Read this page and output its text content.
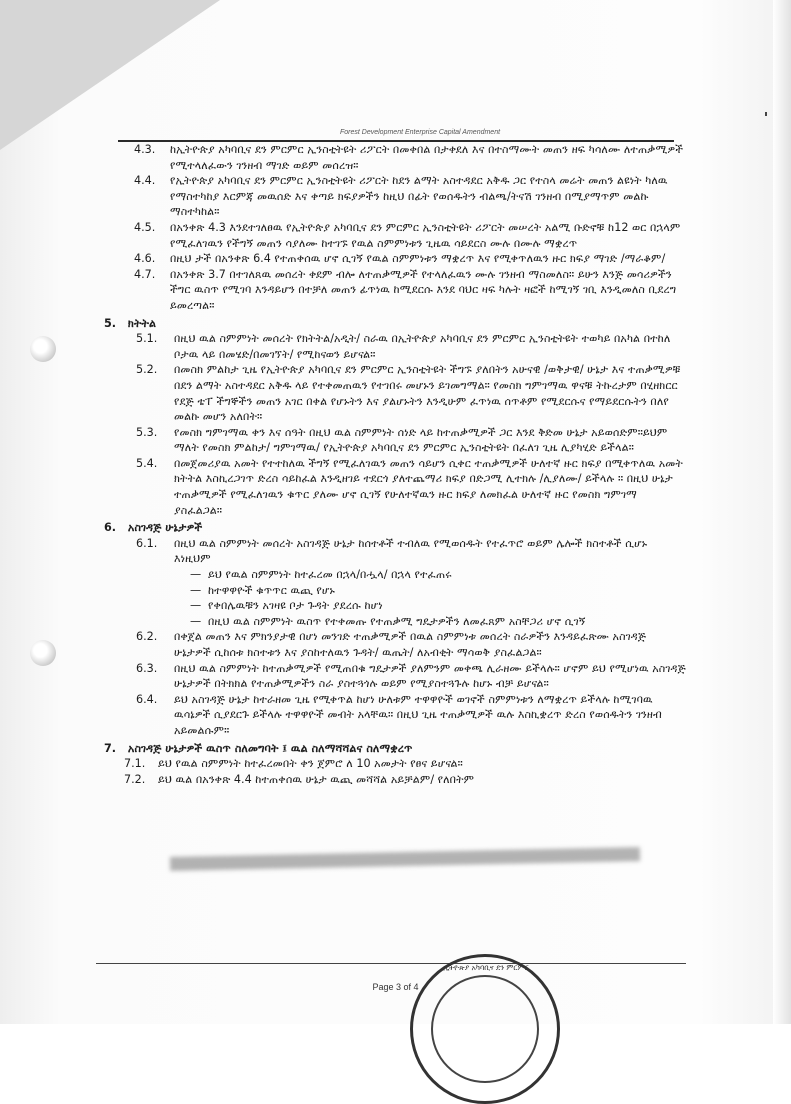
Forest Development Enterprise Capital Amendment
4.3. ከኢትዮጵያ አካባቢና ደን ምርምር ኢንስቲትዩት ሪፖርት በመቀበል በታቀደለ እና በተስማሙት መጠን ዘፍ ካሳለሙ ለተጠቃሚዎች የሚተላለፈውን ገንዘብ ማገድ ወይም መሰረዝ።
4.4. የኢትዮጵያ አካባቢና ደን ምርምር ኢንስቲትዩት ሪፖርት ከደን ልማት አስተዳደር አቅዱ ጋር የተስላ መሬት መጠን ልዩነት ካለዉ የማስተካከያ እርምጃ መዉሰድ እና ቀጣይ ክፍያዎችን ከዚህ በፊት የወሰዱትን ብልጫ/ትናሽ ገንዘብ በሚያማጥም መልኩ ማስተካከል።
4.5. በአንቀጽ 4.3 እንደተገለፀዉ የኢትዮጵያ አካባቢና ደን ምርምር ኢንስቲትዩት ሪፖርት መሠረት አልሚ ቡድኖቹ ከ12 ወር በኋላም የሚፈለገዉን የችግኝ መጠን ሳያለሙ ከተገኙ የዉል ስምምነቱን ጊዜዉ ሳይደርስ ሙሉ በሙሉ ማቋረጥ
4.6. በዚህ ታች በአንቀጽ 6.4 የተጠቀሰዉ ሆኖ ሲገኝ የዉል ስምምነቱን ማቋረጥ እና የሚቀጥለዉን ዙር ክፍያ ማገድ /ማራቆም/
4.7. በአንቀጽ 3.7 በተገለጸዉ መሰረት ቀደም ብሎ ለተጠቃሚዎች የተላለፈዉን ሙሉ ገንዘብ ማስመለስ። ይሁን እንጅ መሳሪዎችን ችግር ዉስጥ የሚገባ እንዳይሆን በተቻለ መጠን ፊጥነዉ ከሚደርሱ እንደ ባህር ዛፍ ካሉት ዛፎች ከሚገኝ ገቢ እንዲመለስ ቢደረግ ይመረጣል።
5. ክትትል
5.1. በዚህ ዉል ስምምነት መሰረት የክትትል/አዲት/ ስራዉ በኢትዮጵያ አካባቢና ደን ምርምር ኢንስቲትዩት ተወካይ በአካል በተከለ ቦታዉ ላይ በመሄድ/በመገኘት/ የሚከናወን ይሆናል።
5.2. በመስክ ምልከታ ጊዜ የኢትዮጵያ አካባቢና ደን ምርምር ኢንስቲትዩት ችግኙ ያለበትን አሁናዊ /ወቅታዊ/ ሁኔታ እና ተጠቃሚዎቹ በደን ልማት አስተዳደር አቅዱ ላይ የተቀመጠዉን የተገበሩ መሆኑን ይገመግማል። የመስክ ግምገማዉ ዋናቹ ትኩረታም በሂዘክርር የደጅ ቴፐ ችግኞችን መጠን አገር በቀል የሆኑትን እና ያልሆኑትን እንዲሁም ፈጥነዉ ሰጥቶም የሚደርሱና የማይደርሱትን በለየ መልኩ መሆን አለበት።
5.3. የመስክ ግምገማዉ ቀን እና ሰዓት በዚህ ዉል ስምምነት ሰነድ ላይ ከተጠቃሚዎች ጋር እንደ ቅድመ ሁኔታ አይወሰድም።ይህም ማለት የመስክ ምልከታ/ ግምገማዉ/ የኢትዮጵያ አካባቢና ደን ምርምር ኢንስቲትዩት በፈለገ ጊዜ ሊያካሂድ ይችላል።
5.4. በመጀመሪያዉ አመት የተተከለዉ ችግኝ የሚፈለገዉን መጠን ሳይሆን ሲቀር ተጠቃሚዎች ሁለተኛ ዙር ክፍያ በሚቀጥለዉ አመት ክትትል እስኪረጋገጥ ድረስ ሳይከፈል እንዲዘገይ ተደርጎ ያለተጨማሪ ክፍያ በድጋሚ ሊተክሉ /ሊያለሙ/ ይችላሉ ። በዚህ ሁኔታ ተጠቃሚዎች የሚፈለገዉን ቁጥር ያለሙ ሆኖ ሲገኝ የሁለተኛዉን ዙር ክፍያ ለመክፈል ሁለተኛ ዙር የመስክ ግምገማ ያስፈልጋል።
6. አስገዳጅ ሁኔታዎች
6.1. በዚህ ዉል ስምምነት መሰረት አስገዳጅ ሁኔታ ከሰተቶች ተብለዉ የሚወሰዱት የተፈጥሮ ወይም ሌሎች ክስተቶች ሲሆኑ እነዚህም
— ይህ የዉል ስምምነት ከተፈረመ በኋላ/በሗላ/ በኋላ የተፈጠሩ
— ከተዋዋዮች ቁጥጥር ዉጪ የሆኑ
— የቀበሌዉቹን አገዛዩ ቦታ ጉዳት ያደረሱ ከሆነ
— በዚህ ዉል ስምምነት ዉስጥ የተቀመጡ የተጠቃሚ ግዴታዎችን ለመፈጸም አስቸጋሪ ሆኖ ሲገኝ
6.2. በቀጀል መጠን እና ምክንያታዊ በሆነ መንገድ ተጠቃሚዎች በዉል ስምምነቱ መሰረት ስራዎችን እንዳይፈጽሙ አስገዳጅ ሁኔታዎች ሲከሰቱ ክስተቱን እና ያስከተለዉን ጉዳት/ ዉጤት/ ለአብቂት ማሳወቅ ያስፈልጋል።
6.3. በዚህ ዉል ስምምነት ከተጠቃሚዎች የሚጠበቁ ግዴታዎች ያለምንም መቀጫ ሊራዘሙ ይችላሉ። ሆኖም ይህ የሚሆነዉ አስገዳጅ ሁኔታዎች በትክክል የተጠቃሚዎችን ስራ ያስተጓጎሉ ወይም የሚያስተጓጉሉ ከሆኑ ብቻ ይሆናል።
6.4. ይህ አስገዳጅ ሁኔታ ከተራዘመ ጊዜ የሚቀጥል ከሆነ ሁለቱም ተዋዋዮች ወገኖች ስምምነቱን ለማቋረጥ ይችላሉ ከሚገባዉ ዉሳኔዎች ሲያደርጉ ይችላሉ ተዋዋዮች መብት አላቸዉ። በዚህ ጊዜ ተጠቃሚዎች ዉሉ እስኪቋረጥ ድረስ የወሰዱትን ገንዘብ አይመልሱም።
7. አስገዳጅ ሁኔታዎች ዉስጥ ስለመግባት ፤ ዉል ስለማሻሻልና ስለማቋረጥ
7.1. ይህ የዉል ስምምነት ከተፈረመበት ቀን ጀምሮ ለ 10 አመታት የፀና ይሆናል።
7.2. ይህ ዉል በአንቀጽ 4.4 ከተጠቀሰዉ ሁኔታ ዉጪ መሻሻል አይቻልም/ የለበትም
Page 3 of 4
ኢትዮጵያ አካባቢና ደን ምርምር
